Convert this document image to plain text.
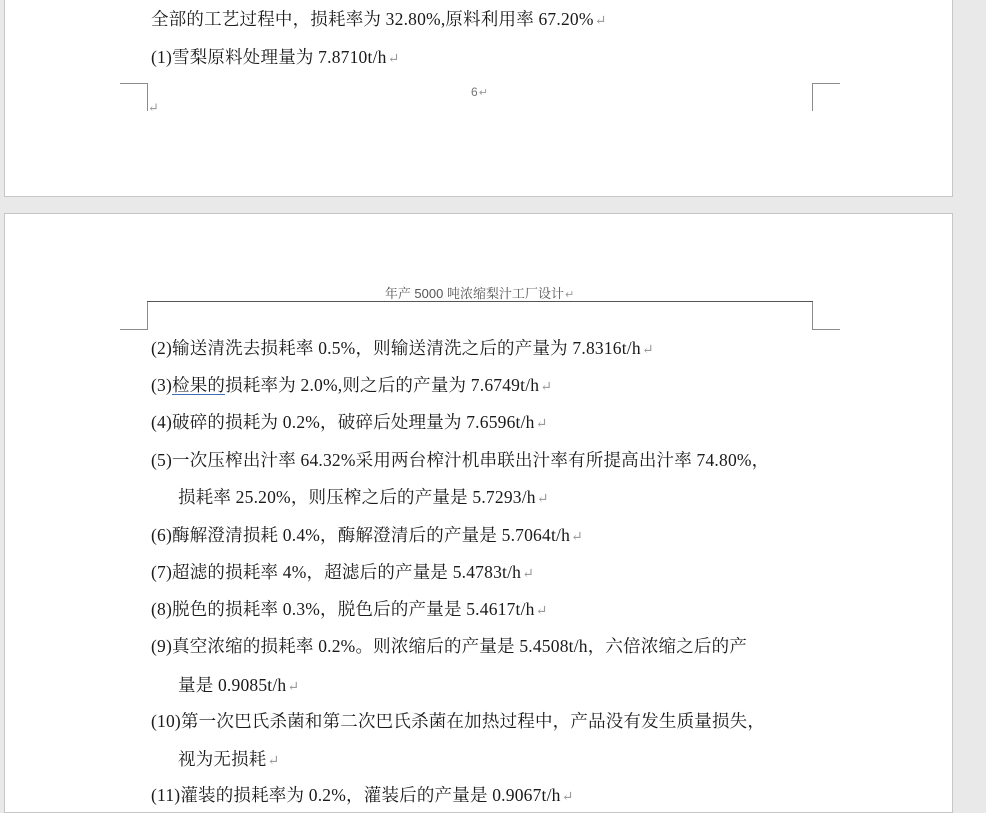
全部的工艺过程中，损耗率为 32.80%,原料利用率 67.20%↵
(1)雪梨原料处理量为 7.8710t/h↵
6↵
↵
年产 5000 吨浓缩梨汁工厂设计↵
(2)输送清洗去损耗率 0.5%，则输送清洗之后的产量为 7.8316t/h↵
(3)检果的损耗率为 2.0%,则之后的产量为 7.6749t/h↵
(4)破碎的损耗为 0.2%，破碎后处理量为 7.6596t/h↵
(5)一次压榨出汁率 64.32%采用两台榨汁机串联出汁率有所提高出汁率 74.80%，
损耗率 25.20%，则压榨之后的产量是 5.7293/h↵
(6)酶解澄清损耗 0.4%，酶解澄清后的产量是 5.7064t/h↵
(7)超滤的损耗率 4%，超滤后的产量是 5.4783t/h↵
(8)脱色的损耗率 0.3%，脱色后的产量是 5.4617t/h↵
(9)真空浓缩的损耗率 0.2%。则浓缩后的产量是 5.4508t/h，六倍浓缩之后的产
量是 0.9085t/h↵
(10)第一次巴氏杀菌和第二次巴氏杀菌在加热过程中，产品没有发生质量损失，
视为无损耗↵
(11)灌装的损耗率为 0.2%，灌装后的产量是 0.9067t/h↵
